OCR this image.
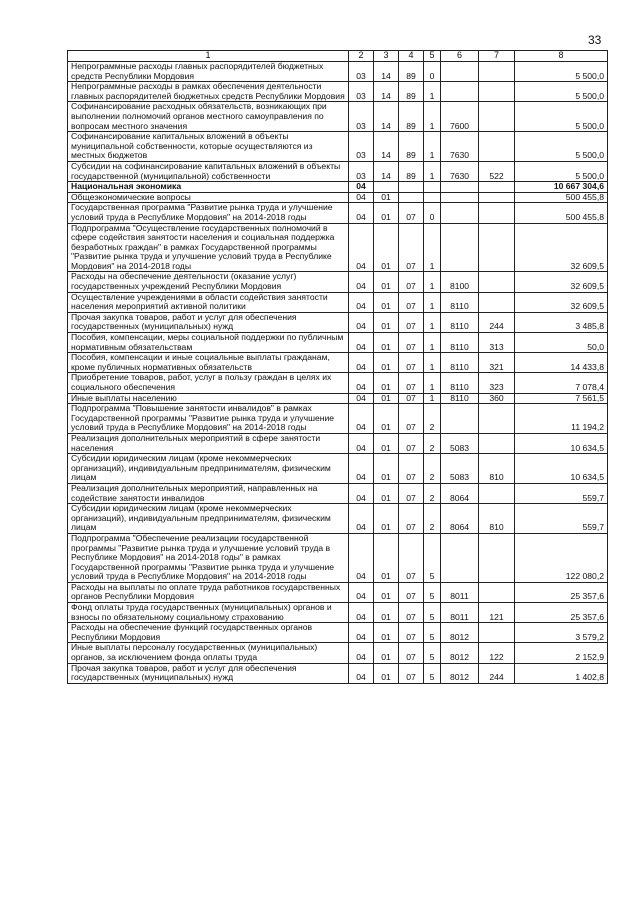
33
1	2	3	4	5	6	7	8
Непрограммные расходы главных распорядителей бюджетных средств Республики Мордовия	03	14	89	0			5 500,0
Непрограммные расходы в рамках обеспечения деятельности главных распорядителей бюджетных средств Республики Мордовия	03	14	89	1			5 500,0
Софинансирование расходных обязательств, возникающих при выполнении полномочий органов местного самоуправления по вопросам местного значения	03	14	89	1	7600		5 500,0
Софинансирование капитальных вложений в объекты муниципальной собственности, которые осуществляются из местных бюджетов	03	14	89	1	7630		5 500,0
Субсидии на софинансирование капитальных вложений в объекты государственной (муниципальной) собственности	03	14	89	1	7630	522	5 500,0
Национальная экономика	04						10 667 304,6
Общеэкономические вопросы	04	01					500 455,8
Государственная программа "Развитие рынка труда и улучшение условий труда в Республике Мордовия" на 2014-2018 годы	04	01	07	0			500 455,8
Подпрограмма "Осуществление государственных полномочий в сфере содействия занятости населения и социальная поддержка безработных граждан" в рамках Государственной программы "Развитие рынка труда и улучшение условий труда в Республике Мордовия" на 2014-2018 годы	04	01	07	1			32 609,5
Расходы на обеспечение деятельности (оказание услуг) государственных учреждений Республики Мордовия	04	01	07	1	8100		32 609,5
Осуществление учреждениями в области содействия занятости населения мероприятий активной политики	04	01	07	1	8110		32 609,5
Прочая закупка товаров, работ и услуг для обеспечения государственных (муниципальных) нужд	04	01	07	1	8110	244	3 485,8
Пособия, компенсации, меры социальной поддержки по публичным нормативным обязательствам	04	01	07	1	8110	313	50,0
Пособия, компенсации и иные социальные выплаты гражданам, кроме публичных нормативных обязательств	04	01	07	1	8110	321	14 433,8
Приобретение товаров, работ, услуг в пользу граждан в целях их социального обеспечения	04	01	07	1	8110	323	7 078,4
Иные выплаты населению	04	01	07	1	8110	360	7 561,5
Подпрограмма "Повышение занятости инвалидов" в рамках Государственной программы "Развитие рынка труда и улучшение условий труда в Республике Мордовия" на 2014-2018 годы	04	01	07	2			11 194,2
Реализация дополнительных мероприятий в сфере занятости населения	04	01	07	2	5083		10 634,5
Субсидии юридическим лицам (кроме некоммерческих организаций), индивидуальным предпринимателям, физическим лицам	04	01	07	2	5083	810	10 634,5
Реализация дополнительных мероприятий, направленных на содействие занятости инвалидов	04	01	07	2	8064		559,7
Субсидии юридическим лицам (кроме некоммерческих организаций), индивидуальным предпринимателям, физическим лицам	04	01	07	2	8064	810	559,7
Подпрограмма "Обеспечение реализации государственной программы "Развитие рынка труда и улучшение условий труда в Республике Мордовия" на 2014-2018 годы" в рамках Государственной программы "Развитие рынка труда и улучшение условий труда в Республике Мордовия" на 2014-2018 годы	04	01	07	5			122 080,2
Расходы на выплаты по оплате труда работников государственных органов Республики Мордовия	04	01	07	5	8011		25 357,6
Фонд оплаты труда государственных (муниципальных) органов и взносы по обязательному социальному страхованию	04	01	07	5	8011	121	25 357,6
Расходы на обеспечение функций государственных органов Республики Мордовия	04	01	07	5	8012		3 579,2
Иные выплаты персоналу государственных (муниципальных) органов, за исключением фонда оплаты труда	04	01	07	5	8012	122	2 152,9
Прочая закупка товаров, работ и услуг для обеспечения государственных (муниципальных) нужд	04	01	07	5	8012	244	1 402,8
